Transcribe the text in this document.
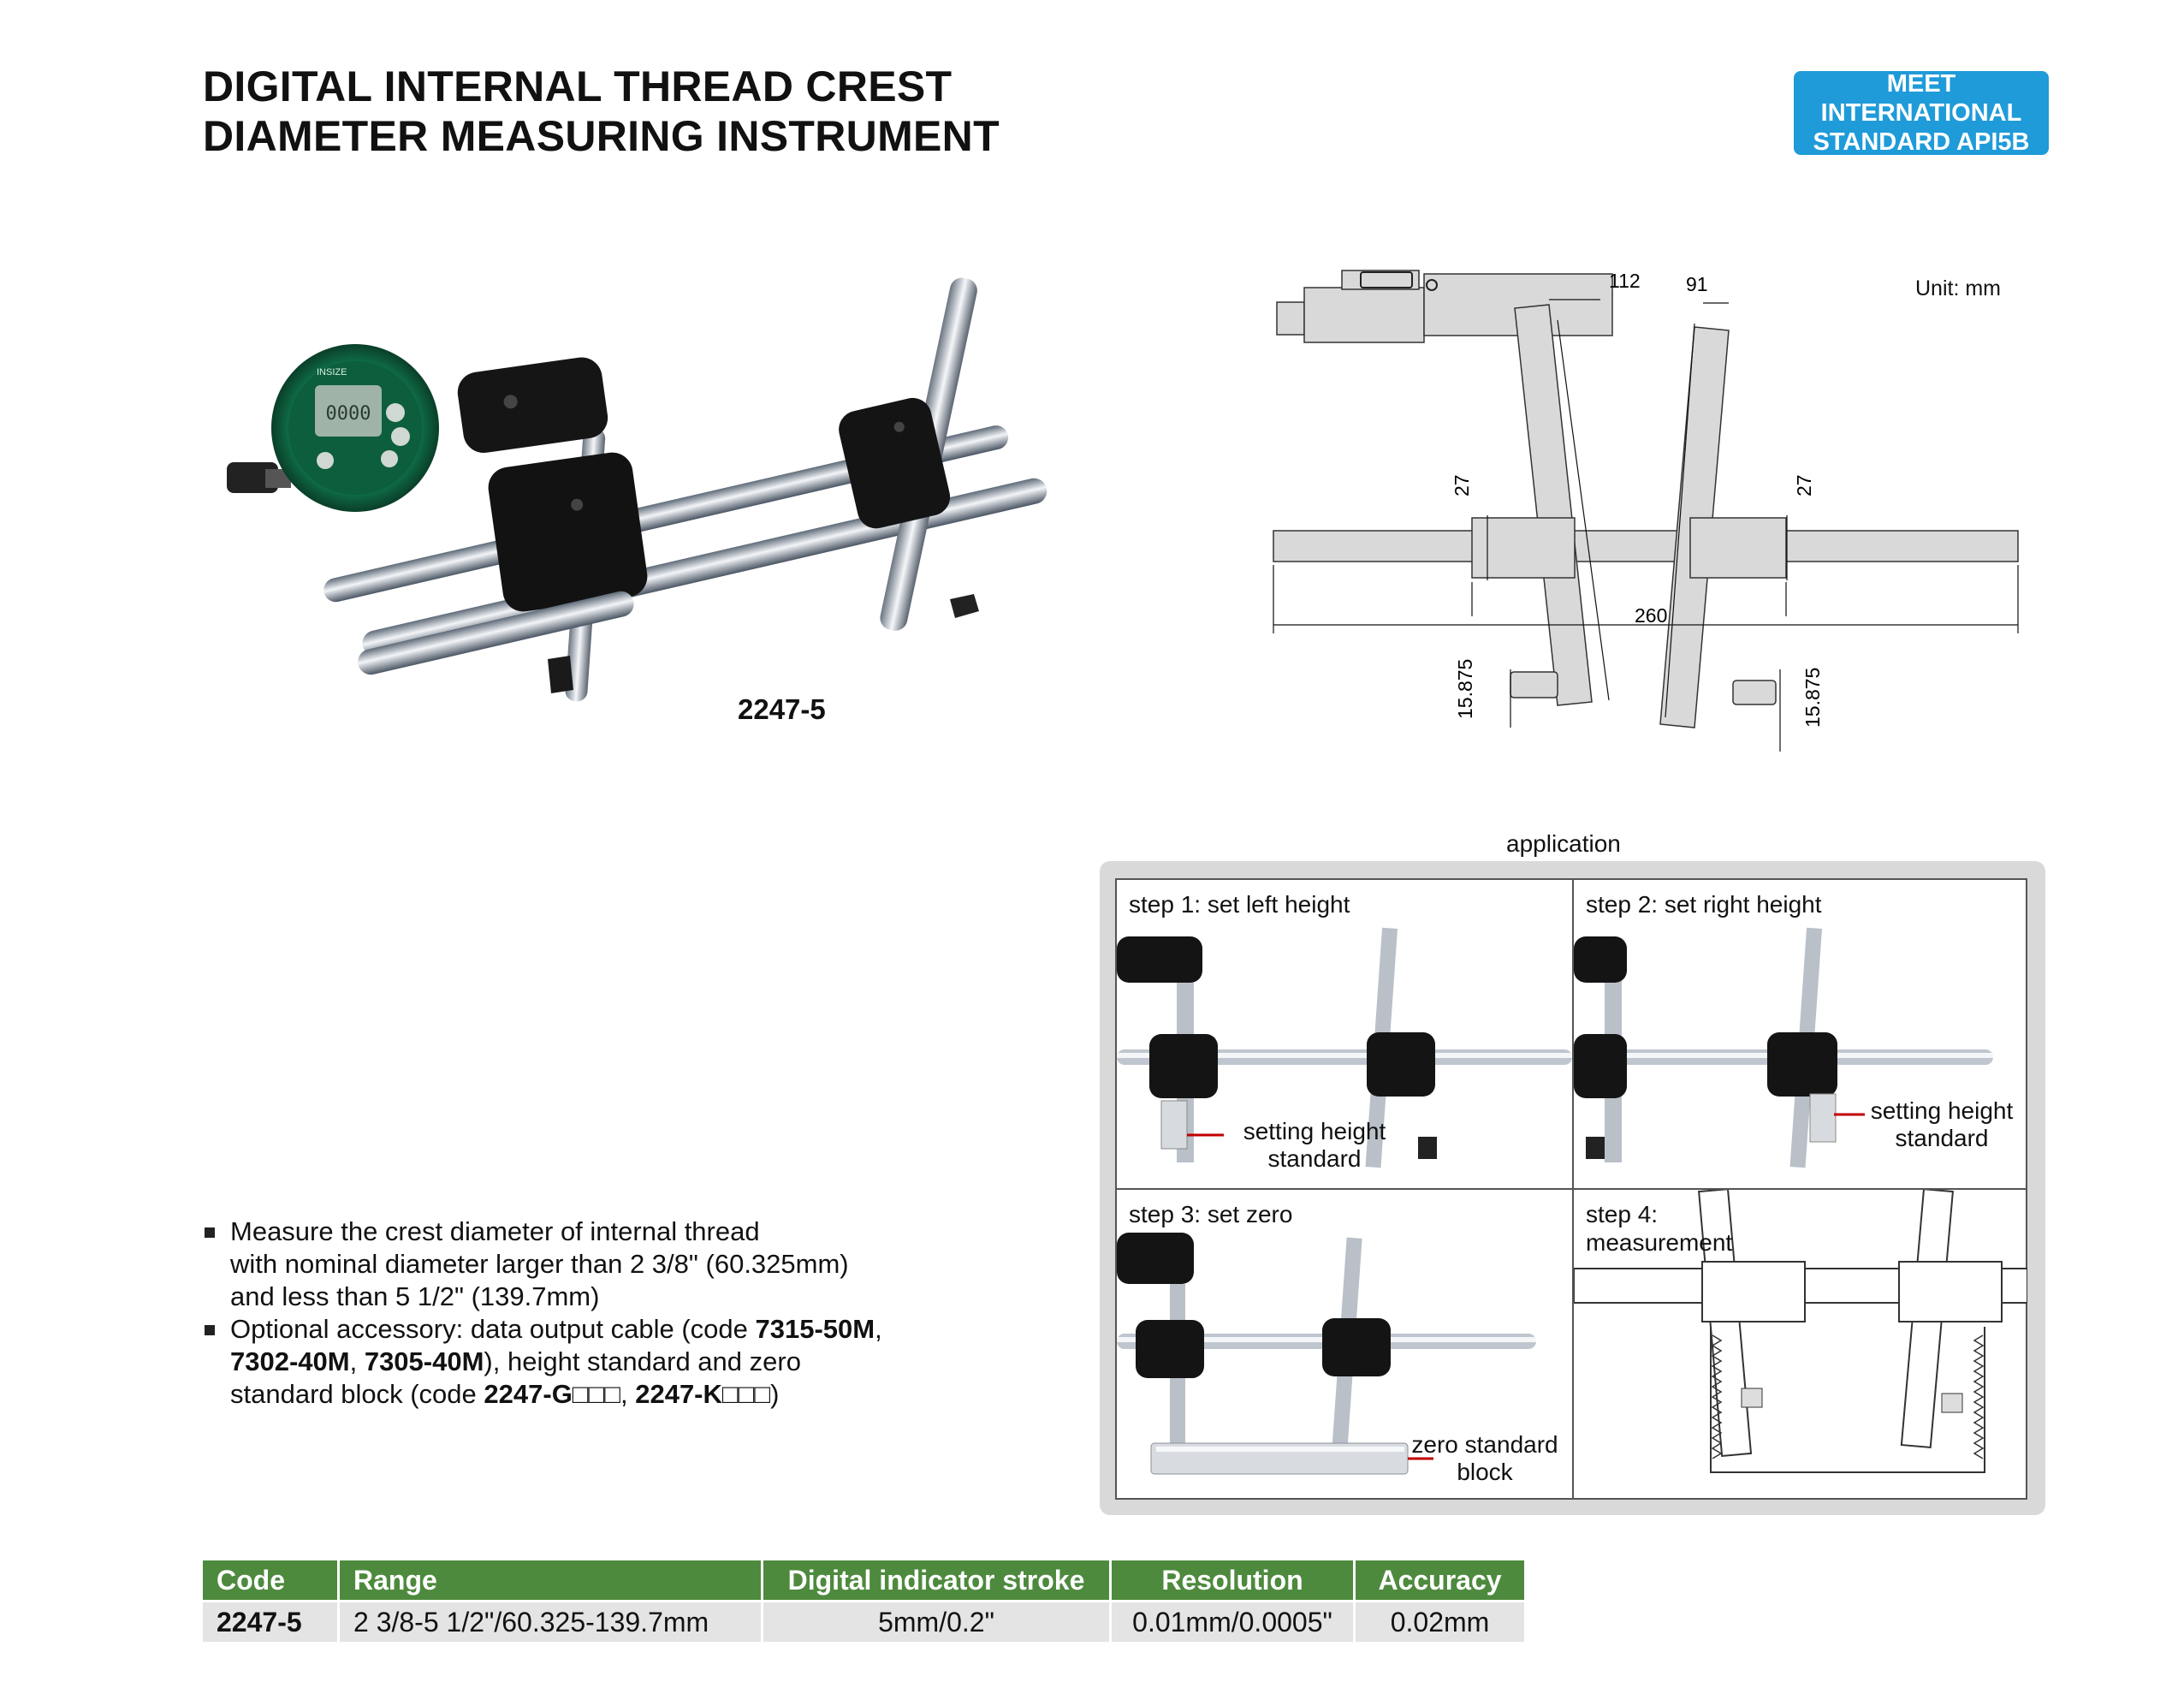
DIGITAL INTERNAL THREAD CREST
DIAMETER MEASURING INSTRUMENT
MEET INTERNATIONAL
STANDARD API5B
0000
INSIZE
2247-5
112 91
260
27	27
15.875	15.875
Unit: mm
application
step 1: set left height
setting height
standard
step 2: set right height
setting height
standard
step 3: set zero
zero standard
block
step 4:
measurement
Measure the crest diameter of internal thread
with nominal diameter larger than 2 3/8" (60.325mm)
and less than 5 1/2" (139.7mm)
Optional accessory: data output cable (code 7315-50M,
7302-40M, 7305-40M), height standard and zero
standard block (code 2247-G□□□, 2247-K□□□)
Code	Range	Digital indicator stroke	Resolution	Accuracy
2247-5	2 3/8-5 1/2"/60.325-139.7mm	5mm/0.2"	0.01mm/0.0005"	0.02mm
